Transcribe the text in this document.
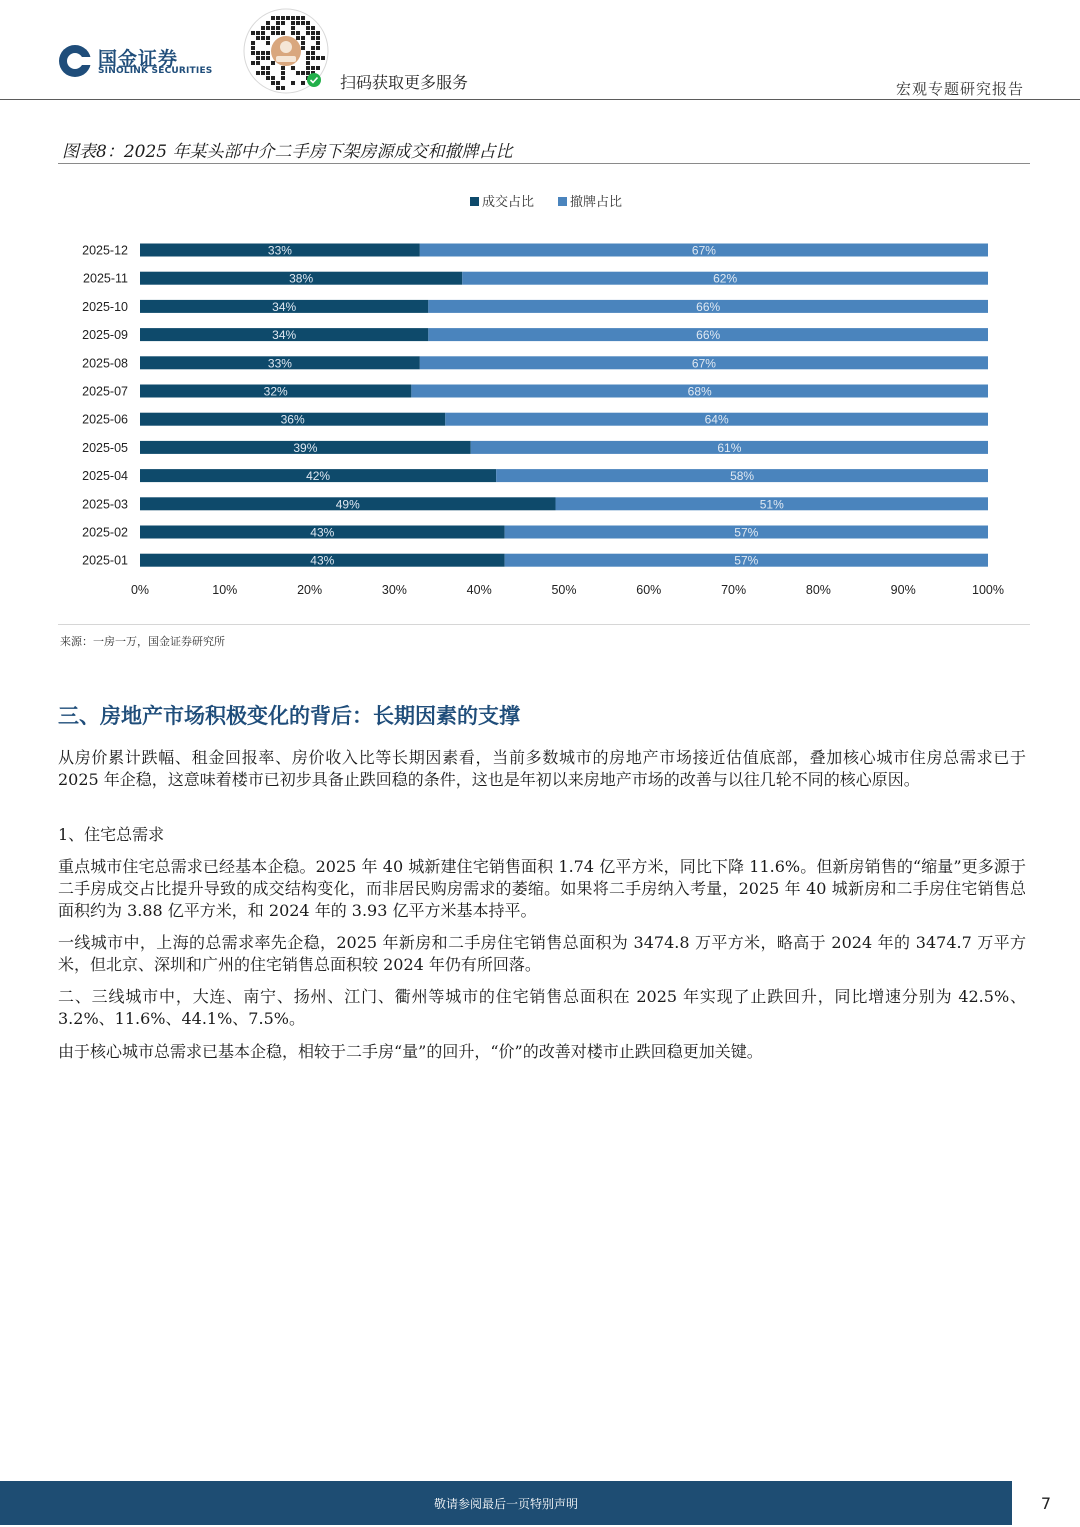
国金证券
SINOLINK SECURITIES
扫码获取更多服务	宏观专题研究报告
图表8：2025 年某头部中介二手房下架房源成交和撤牌占比
成交占比	撤牌占比
33%	67%
38%	62%
34%	66%
34%	66%
33%	67%
32%	68%
36%	64%
39%	61%
42%	58%
49%	51%
43%	57%
43%	57%
2025-12
2025-11
2025-10
2025-09
2025-08
2025-07
2025-06
2025-05
2025-04
2025-03
2025-02
2025-01
0%	10%	20%	30%	40%	50%	60%	70%	80%	90%	100%
来源：一房一万，国金证券研究所
三、房地产市场积极变化的背后：长期因素的支撑

从房价累计跌幅、租金回报率、房价收入比等长期因素看，当前多数城市的房地产市场接近估值底部，叠加核心城市住房总需求已于 2025 年企稳，这意味着楼市已初步具备止跌回稳的条件，这也是年初以来房地产市场的改善与以往几轮不同的核心原因。

1、住宅总需求

重点城市住宅总需求已经基本企稳。2025 年 40 城新建住宅销售面积 1.74 亿平方米，同比下降 11.6%。但新房销售的“缩量”更多源于二手房成交占比提升导致的成交结构变化，而非居民购房需求的萎缩。如果将二手房纳入考量，2025 年 40 城新房和二手房住宅销售总面积约为 3.88 亿平方米，和 2024 年的 3.93 亿平方米基本持平。

一线城市中，上海的总需求率先企稳，2025 年新房和二手房住宅销售总面积为 3474.8 万平方米，略高于 2024 年的 3474.7 万平方米，但北京、深圳和广州的住宅销售总面积较 2024 年仍有所回落。

二、三线城市中，大连、南宁、扬州、江门、衢州等城市的住宅销售总面积在 2025 年实现了止跌回升，同比增速分别为 42.5%、3.2%、11.6%、44.1%、7.5%。

由于核心城市总需求已基本企稳，相较于二手房“量”的回升，“价”的改善对楼市止跌回稳更加关键。

敬请参阅最后一页特别声明	7
